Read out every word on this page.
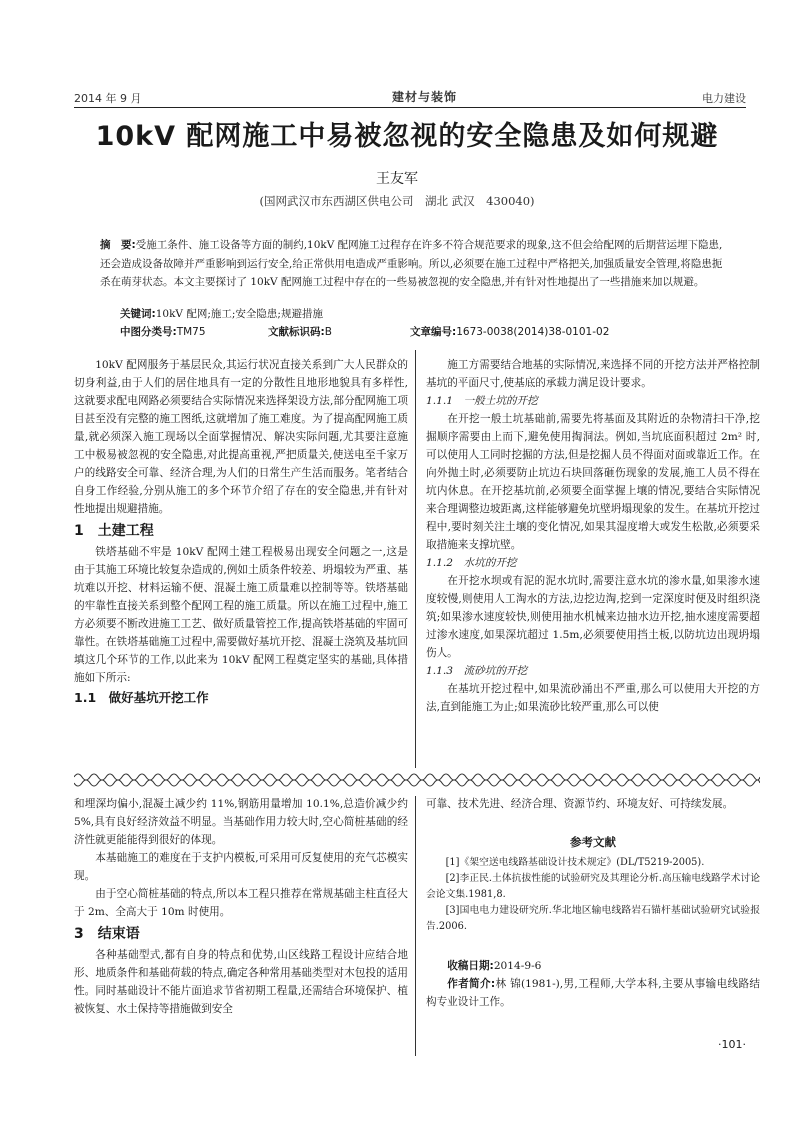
2014 年 9 月	建材与装饰	电力建设
10kV 配网施工中易被忽视的安全隐患及如何规避
王友军
(国网武汉市东西湖区供电公司　湖北 武汉　430040)
摘　要:受施工条件、施工设备等方面的制约,10kV 配网施工过程存在许多不符合规范要求的现象,这不但会给配网的后期营运埋下隐患,还会造成设备故障并严重影响到运行安全,给正常供用电造成严重影响。所以,必须要在施工过程中严格把关,加强质量安全管理,将隐患扼杀在萌芽状态。本文主要探讨了 10kV 配网施工过程中存在的一些易被忽视的安全隐患,并有针对性地提出了一些措施来加以规避。
关键词:10kV 配网;施工;安全隐患;规避措施
中图分类号:TM75	文献标识码:B	文章编号:1673-0038(2014)38-0101-02

10kV 配网服务于基层民众,其运行状况直接关系到广大人民群众的切身利益,由于人们的居住地具有一定的分散性且地形地貌具有多样性,这就要求配电网路必须要结合实际情况来选择架设方法,部分配网施工项目甚至没有完整的施工图纸,这就增加了施工难度。为了提高配网施工质量,就必须深入施工现场以全面掌握情况、解决实际问题,尤其要注意施工中极易被忽视的安全隐患,对此提高重视,严把质量关,使送电至千家万户的线路安全可靠、经济合理,为人们的日常生产生活而服务。笔者结合自身工作经验,分别从施工的多个环节介绍了存在的安全隐患,并有针对性地提出规避措施。

1　土建工程

铁塔基础不牢是 10kV 配网土建工程极易出现安全问题之一,这是由于其施工环境比较复杂造成的,例如土质条件较差、坍塌较为严重、基坑难以开挖、材料运输不便、混凝土施工质量难以控制等等。铁塔基础的牢靠性直接关系到整个配网工程的施工质量。所以在施工过程中,施工方必须要不断改进施工工艺、做好质量管控工作,提高铁塔基础的牢固可靠性。在铁塔基础施工过程中,需要做好基坑开挖、混凝土浇筑及基坑回填这几个环节的工作,以此来为 10kV 配网工程奠定坚实的基础,具体措施如下所示:

1.1　做好基坑开挖工作

施工方需要结合地基的实际情况,来选择不同的开挖方法并严格控制基坑的平面尺寸,使基底的承载力满足设计要求。

1.1.1　一般土坑的开挖

在开挖一般土坑基础前,需要先将基面及其附近的杂物清扫干净,挖掘顺序需要由上而下,避免使用掏洞法。例如,当坑底面积超过 2m² 时,可以使用人工同时挖掘的方法,但是挖掘人员不得面对面或靠近工作。在向外抛土时,必须要防止坑边石块回落砸伤现象的发展,施工人员不得在坑内休息。在开挖基坑前,必须要全面掌握上壤的情况,要结合实际情况来合理调整边坡距离,这样能够避免坑壁坍塌现象的发生。在基坑开挖过程中,要时刻关注土壤的变化情况,如果其湿度增大或发生松散,必须要采取措施来支撑坑壁。

1.1.2　水坑的开挖

在开挖水坝或有泥的泥水坑时,需要注意水坑的渗水量,如果渗水速度较慢,则使用人工淘水的方法,边挖边淘,挖到一定深度时便及时组织浇筑;如果渗水速度较快,则使用抽水机械来边抽水边开挖,抽水速度需要超过渗水速度,如果深坑超过 1.5m,必须要使用挡土板,以防坑边出现坍塌伤人。

1.1.3　流砂坑的开挖

在基坑开挖过程中,如果流砂涌出不严重,那么可以使用大开挖的方法,直到能施工为止;如果流砂比较严重,那么可以使

和埋深均偏小,混凝土减少约 11%,钢筋用量增加 10.1%,总造价减少约 5%,具有良好经济效益不明显。当基础作用力较大时,空心简桩基础的经济性就更能能得到很好的体现。

本基础施工的难度在于支护内模板,可采用可反复使用的充气芯模实现。

由于空心简桩基础的特点,所以本工程只推荐在常规基础主柱直径大于 2m、全高大于 10m 时使用。

3　结束语

各种基础型式,都有自身的特点和优势,山区线路工程设计应结合地形、地质条件和基础荷载的特点,确定各种常用基础类型对木包投的适用性。同时基础设计不能片面追求节省初期工程量,还需结合环境保护、植被恢复、水土保持等措施做到安全

可靠、技术先进、经济合理、资源节约、环境友好、可持续发展。

参考文献

[1]《架空送电线路基础设计技术规定》(DL/T5219-2005).

[2]李正民.土体抗拔性能的试验研究及其理论分析.高压输电线路学术讨论会论文集.1981,8.

[3]国电电力建设研究所.华北地区输电线路岩石锚杆基础试验研究试验报告.2006.

收稿日期:2014-9-6

作者简介:林 锦(1981-),男,工程师,大学本科,主要从事输电线路结构专业设计工作。

·101·
